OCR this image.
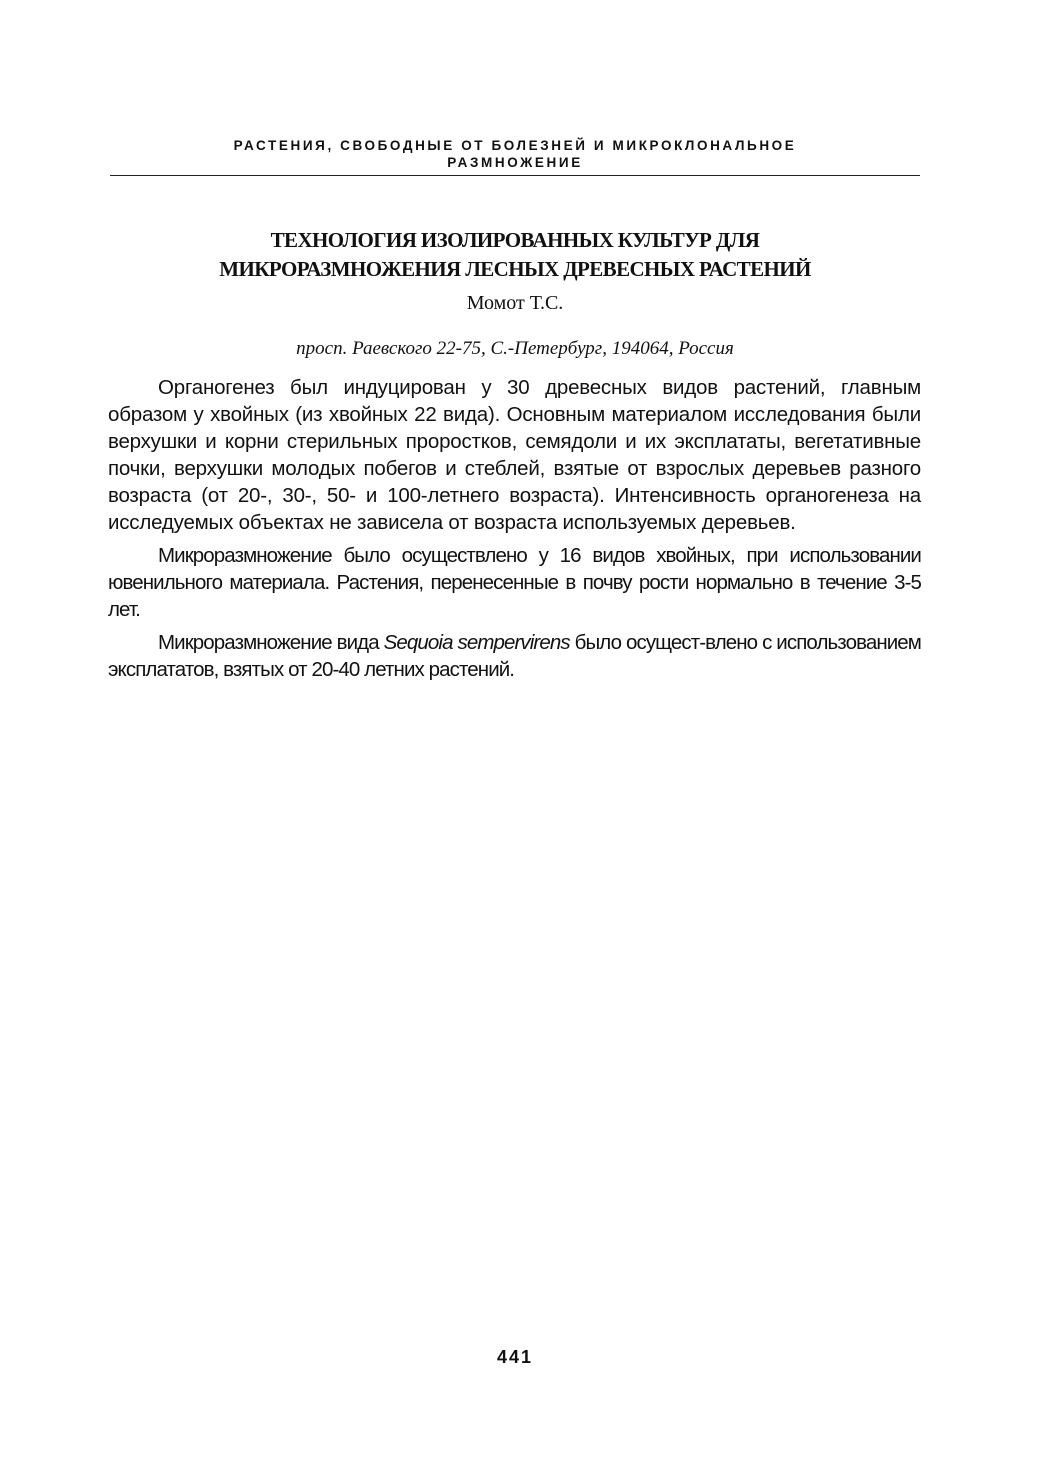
РАСТЕНИЯ, СВОБОДНЫЕ ОТ БОЛЕЗНЕЙ И МИКРОКЛОНАЛЬНОЕ
РАЗМНОЖЕНИЕ
ТЕХНОЛОГИЯ ИЗОЛИРОВАННЫХ КУЛЬТУР ДЛЯ
МИКРОРАЗМНОЖЕНИЯ ЛЕСНЫХ ДРЕВЕСНЫХ РАСТЕНИЙ
Момот Т.С.
просп. Раевского 22-75, С.-Петербург, 194064, Россия

Органогенез был индуцирован у 30 древесных видов растений, главным образом у хвойных (из хвойных 22 вида). Основным материалом исследования были верхушки и корни стерильных проростков, семядоли и их эксплататы, вегетативные почки, верхушки молодых побегов и стеблей, взятые от взрослых деревьев разного возраста (от 20-, 30-, 50- и 100-летнего возраста). Интенсивность органогенеза на исследуемых объектах не зависела от возраста используемых деревьев.

Микроразмножение было осуществлено у 16 видов хвойных, при использовании ювенильного материала. Растения, перенесенные в почву рости нормально в течение 3-5 лет.

Микроразмножение вида Sequoia sempervirens было осущест-влено с использованием эксплататов, взятых от 20-40 летних растений.

441
